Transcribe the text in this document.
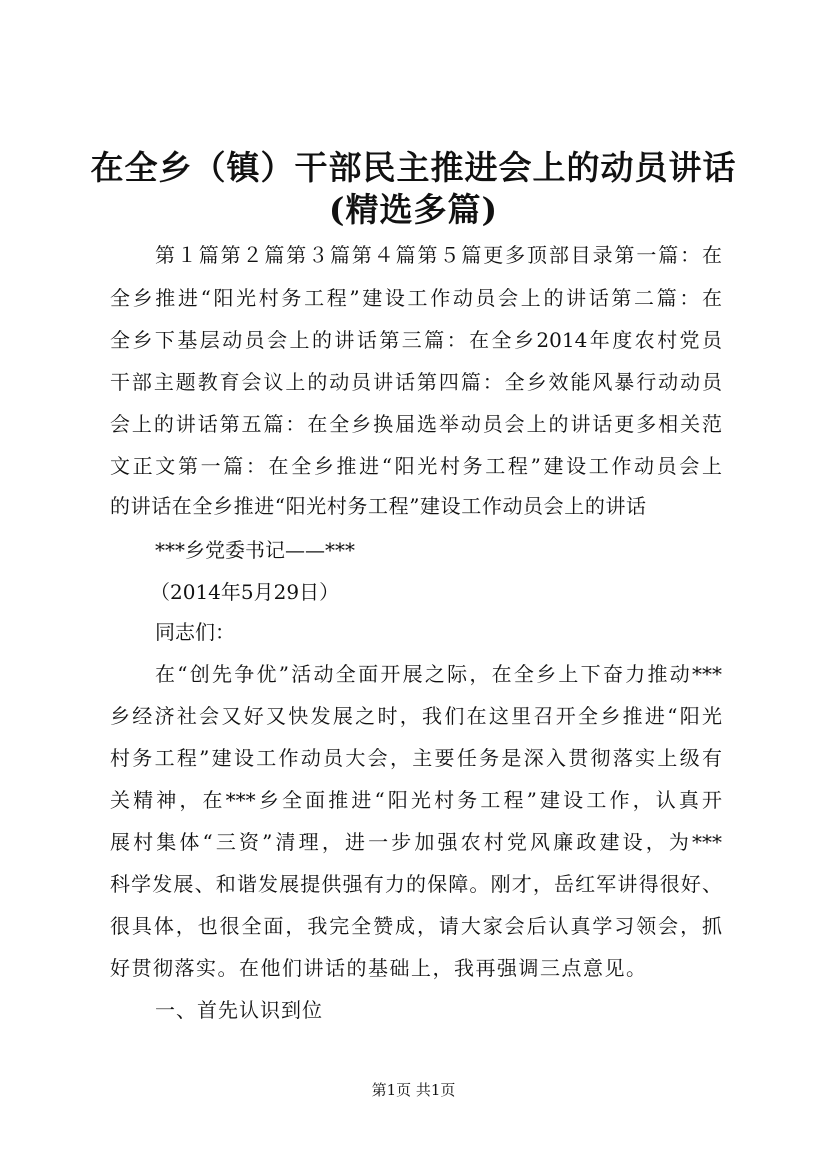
在全乡（镇）干部民主推进会上的动员讲话
(精选多篇)
第１篇第２篇第３篇第４篇第５篇更多顶部目录第一篇：在
全乡推进“阳光村务工程”建设工作动员会上的讲话第二篇：在
全乡下基层动员会上的讲话第三篇：在全乡2014年度农村党员
干部主题教育会议上的动员讲话第四篇：全乡效能风暴行动动员
会上的讲话第五篇：在全乡换届选举动员会上的讲话更多相关范
文正文第一篇：在全乡推进“阳光村务工程”建设工作动员会上
的讲话在全乡推进“阳光村务工程”建设工作动员会上的讲话
***乡党委书记——***
（2014年5月29日）
同志们：
在“创先争优”活动全面开展之际，在全乡上下奋力推动***
乡经济社会又好又快发展之时，我们在这里召开全乡推进“阳光
村务工程”建设工作动员大会，主要任务是深入贯彻落实上级有
关精神，在***乡全面推进“阳光村务工程”建设工作，认真开
展村集体“三资”清理，进一步加强农村党风廉政建设，为***
科学发展、和谐发展提供强有力的保障。刚才，岳红军讲得很好、
很具体，也很全面，我完全赞成，请大家会后认真学习领会，抓
好贯彻落实。在他们讲话的基础上，我再强调三点意见。
一、首先认识到位
第1页 共1页
